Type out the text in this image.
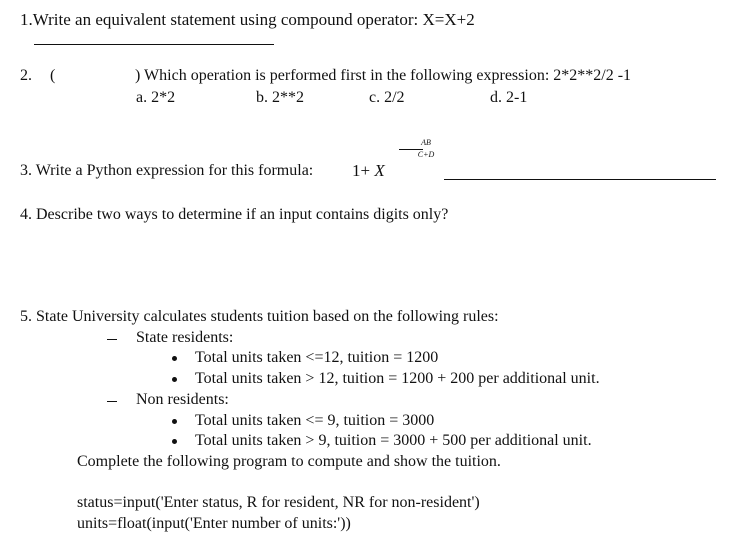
1.Write an equivalent statement using compound operator: X=X+2
2. (	) Which operation is performed first in the following expression: 2*2**2/2 -1
a. 2*2	b. 2**2	c. 2/2	d. 2-1
3. Write a Python expression for this formula: 1+ X
AB
C+D
4. Describe two ways to determine if an input contains digits only?
5. State University calculates students tuition based on the following rules:
State residents:
Total units taken <=12, tuition = 1200
Total units taken > 12, tuition = 1200 + 200 per additional unit.
Non residents:
Total units taken <= 9, tuition = 3000
Total units taken > 9, tuition = 3000 + 500 per additional unit.
Complete the following program to compute and show the tuition.
status=input('Enter status, R for resident, NR for non-resident')
units=float(input('Enter number of units:'))
